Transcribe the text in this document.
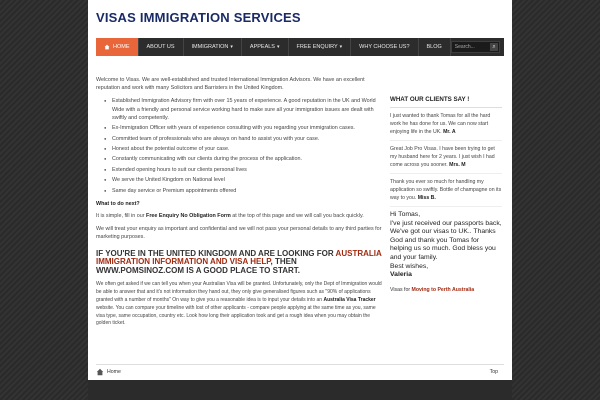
VISAS IMMIGRATION SERVICES
HOME	ABOUT US	IMMIGRATION ▾	APPEALS ▾	FREE ENQUIRY ▾	WHY CHOOSE US?	BLOG	Search...	⌕

Welcome to Visas. We are well-established and trusted International Immigration Advisors. We have an excellent reputation and work with many Solicitors and Barristers in the United Kingdom.

● Established Immigration Advisory firm with over 15 years of experience. A good reputation in the UK and World Wide with a friendly and personal service working hard to make sure all your immigration issues are dealt with swiftly and competently.
● Ex-Immigration Officer with years of experience consulting with you regarding your immigration cases.
● Committed team of professionals who are always on hand to assist you with your case.
● Honest about the potential outcome of your case.
● Constantly communicating with our clients during the process of the application.
● Extended opening hours to suit our clients personal lives
● We serve the United Kingdom on National level
● Same day service or Premium appointments offered

What to do next?

It is simple, fill in our Free Enquiry No Obligation Form at the top of this page and we will call you back quickly.

We will treat your enquiry as important and confidential and we will not pass your personal details to any third parties for marketing purposes.

IF YOU'RE IN THE UNITED KINGDOM AND ARE LOOKING FOR AUSTRALIA IMMIGRATION INFORMATION AND VISA HELP, THEN WWW.POMSINOZ.COM IS A GOOD PLACE TO START.

We often get asked if we can tell you when your Australian Visa will be granted. Unfortunately, only the Dept of Immigration would be able to answer that and it's not information they hand out, they only give generalised figures such as "90% of applications granted with a number of months" On way to give you a reasonable idea is to input your details into an Australia Visa Tracker website. You can compare your timeline with lost of other applicants - compare people applying at the same time as you, same visa type, same occupation, country etc. Look how long their application took and get a rough idea when you may obtain the golden ticket.

WHAT OUR CLIENTS SAY !
I just wanted to thank Tomas for all the hard work he has done for us. We can now start enjoying life in the UK. Mr. A
Great Job Pro Visas. I have been trying to get my husband here for 2 years. I just wish I had come across you sooner. Mrs. M
Thank you ever so much for handling my application so swiftly. Bottle of champagne on its way to you. Miss B.
Hi Tomas,
I've just received our passports back, We've got our visas to UK.. Thanks God and thank you Tomas for helping us so much. God bless you and your family.
Best wishes,
Valeria
Visas for Moving to Perth Australia
Home	Top
